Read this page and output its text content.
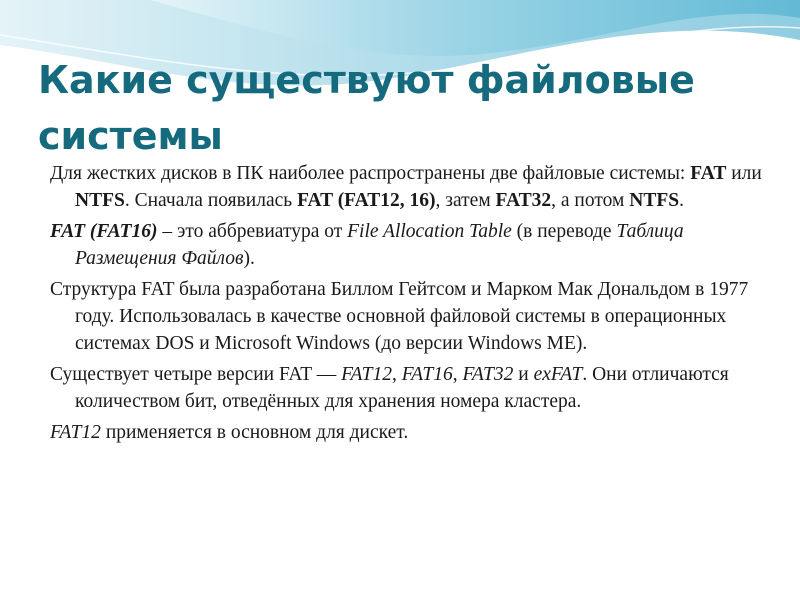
Какие существуют файловые системы

Для жестких дисков в ПК наиболее распространены две файловые системы: FAT или NTFS. Сначала появилась FAT (FAT12, 16), затем FAT32, а потом NTFS.

FAT (FAT16) – это аббревиатура от File Allocation Table (в переводе Таблица Размещения Файлов).

Структура FAT была разработана Биллом Гейтсом и Марком Мак Дональдом в 1977 году. Использовалась в качестве основной файловой системы в операционных системах DOS и Microsoft Windows (до версии Windows ME).

Существует четыре версии FAT — FAT12, FAT16, FAT32 и exFAT. Они отличаются количеством бит, отведённых для хранения номера кластера.

FAT12 применяется в основном для дискет.
